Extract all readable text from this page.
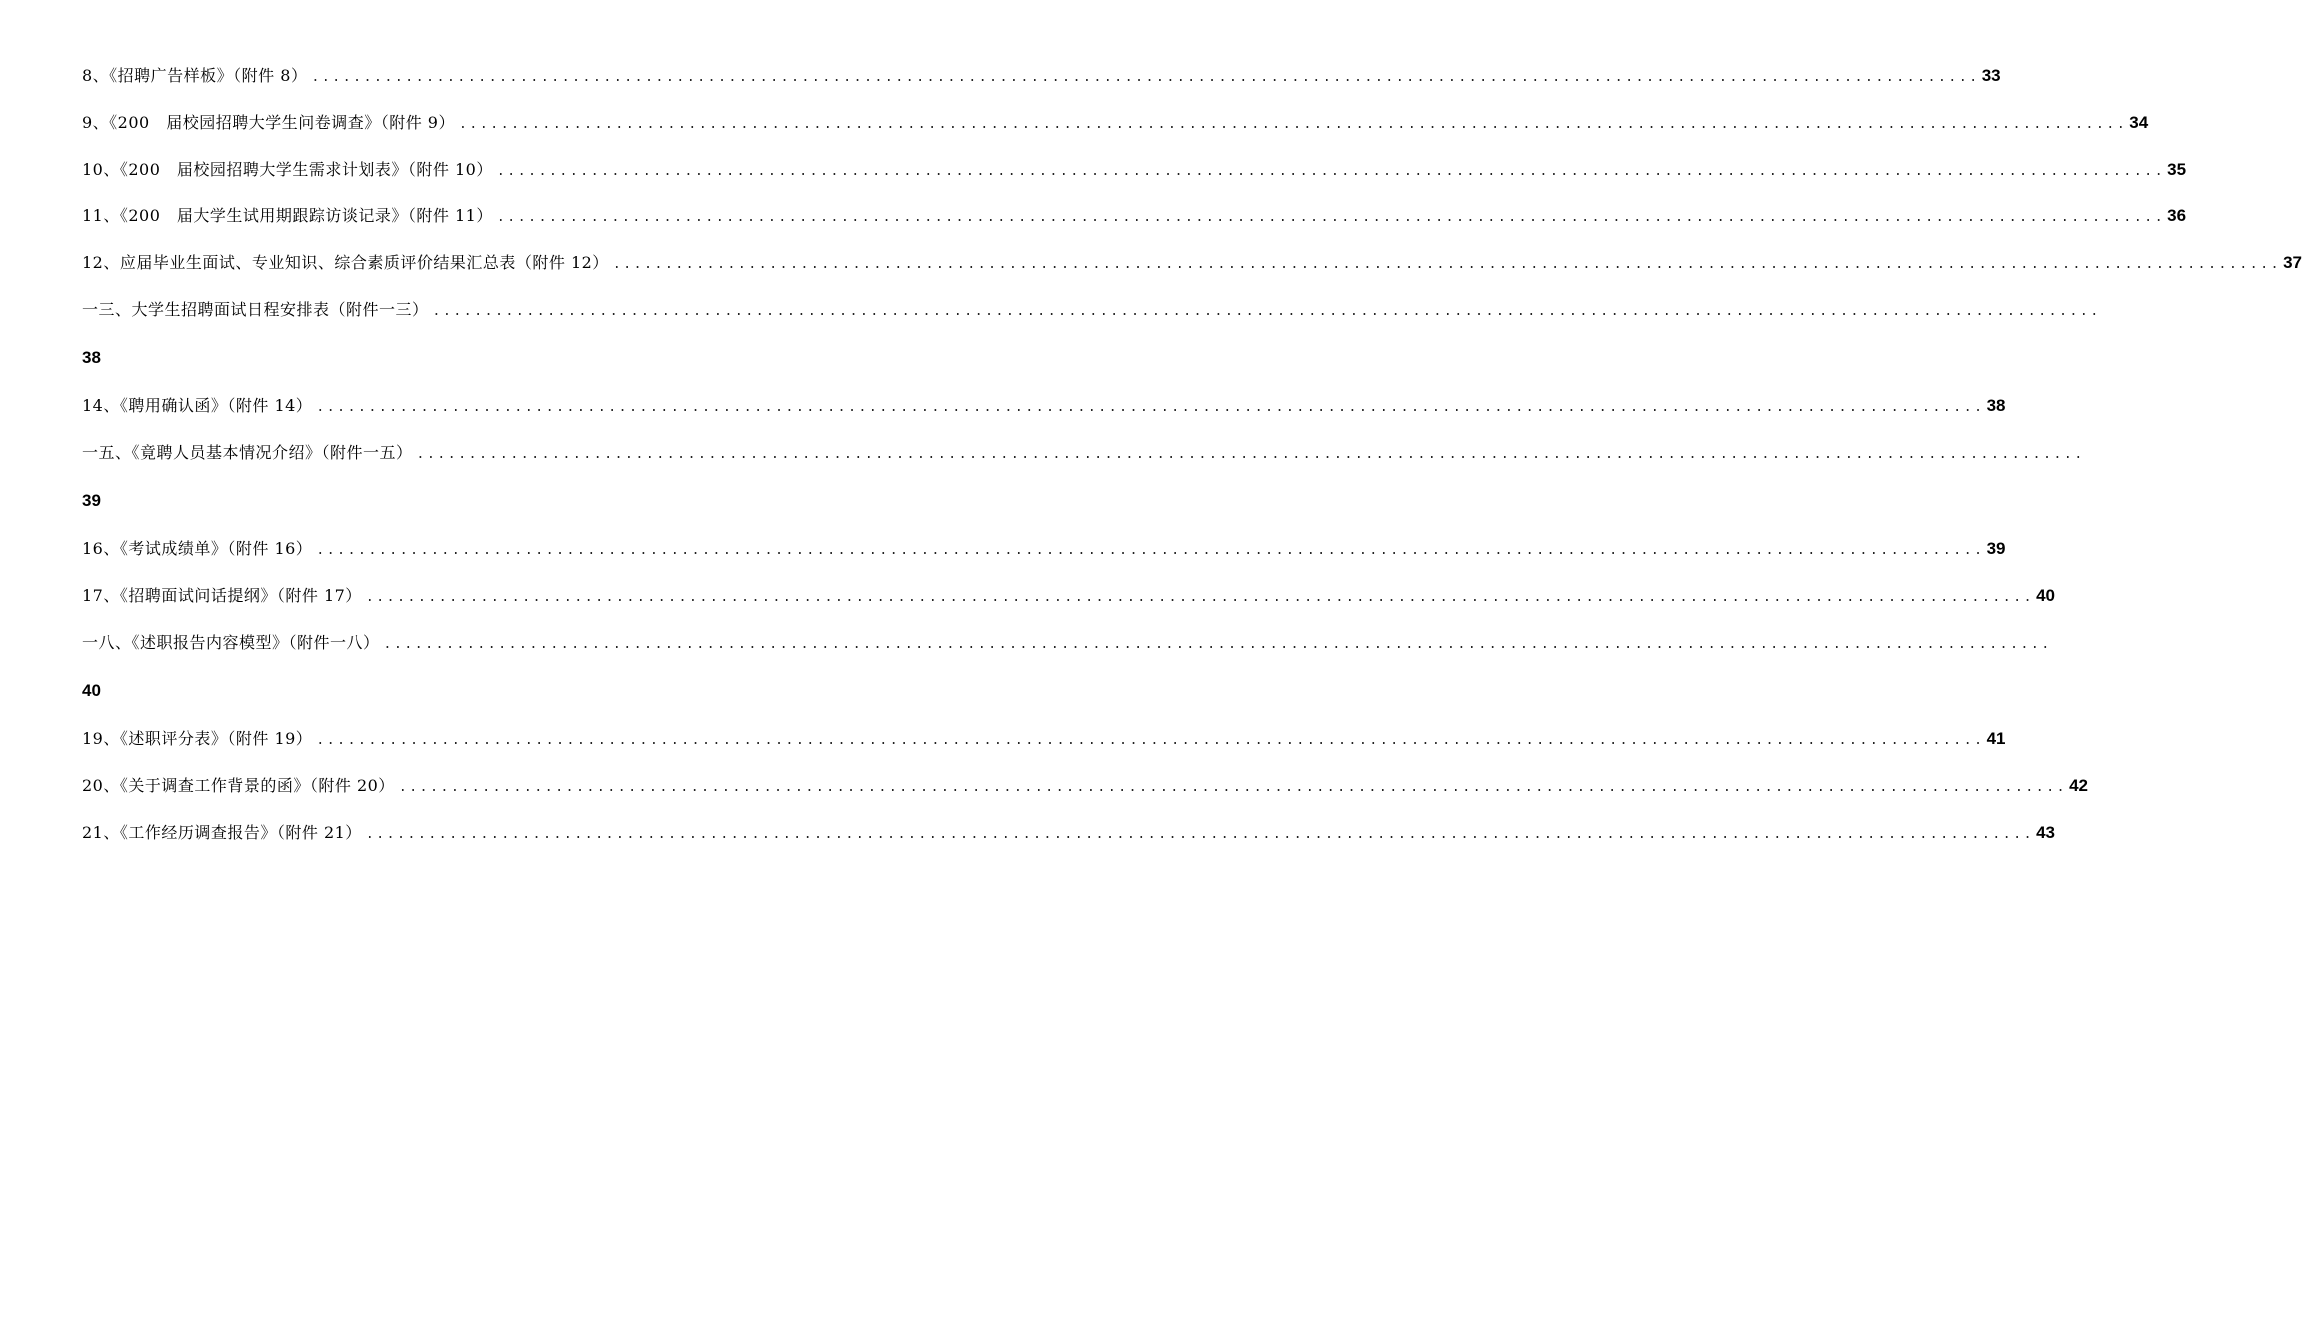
8、《招聘广告样板》（附件 8） ................................................................................................................................................................ 33
9、《200　届校园招聘大学生问卷调查》（附件 9） ................................................................................................................................................................ 34
10、《200　届校园招聘大学生需求计划表》（附件 10） ................................................................................................................................................................ 35
11、《200　届大学生试用期跟踪访谈记录》（附件 11） ................................................................................................................................................................ 36
12、应届毕业生面试、专业知识、综合素质评价结果汇总表（附件 12） ................................................................................................................................................................ 37
一三、大学生招聘面试日程安排表（附件一三） ................................................................................................................................................................
38
14、《聘用确认函》（附件 14） ................................................................................................................................................................ 38
一五、《竟聘人员基本情况介绍》（附件一五） ................................................................................................................................................................
39
16、《考试成绩单》（附件 16） ................................................................................................................................................................ 39
17、《招聘面试问话提纲》（附件 17） ................................................................................................................................................................ 40
一八、《述职报告内容模型》（附件一八） ................................................................................................................................................................
40
19、《述职评分表》（附件 19） ................................................................................................................................................................ 41
20、《关于调查工作背景的函》（附件 20） ................................................................................................................................................................ 42
21、《工作经历调查报告》（附件 21） ................................................................................................................................................................ 43
